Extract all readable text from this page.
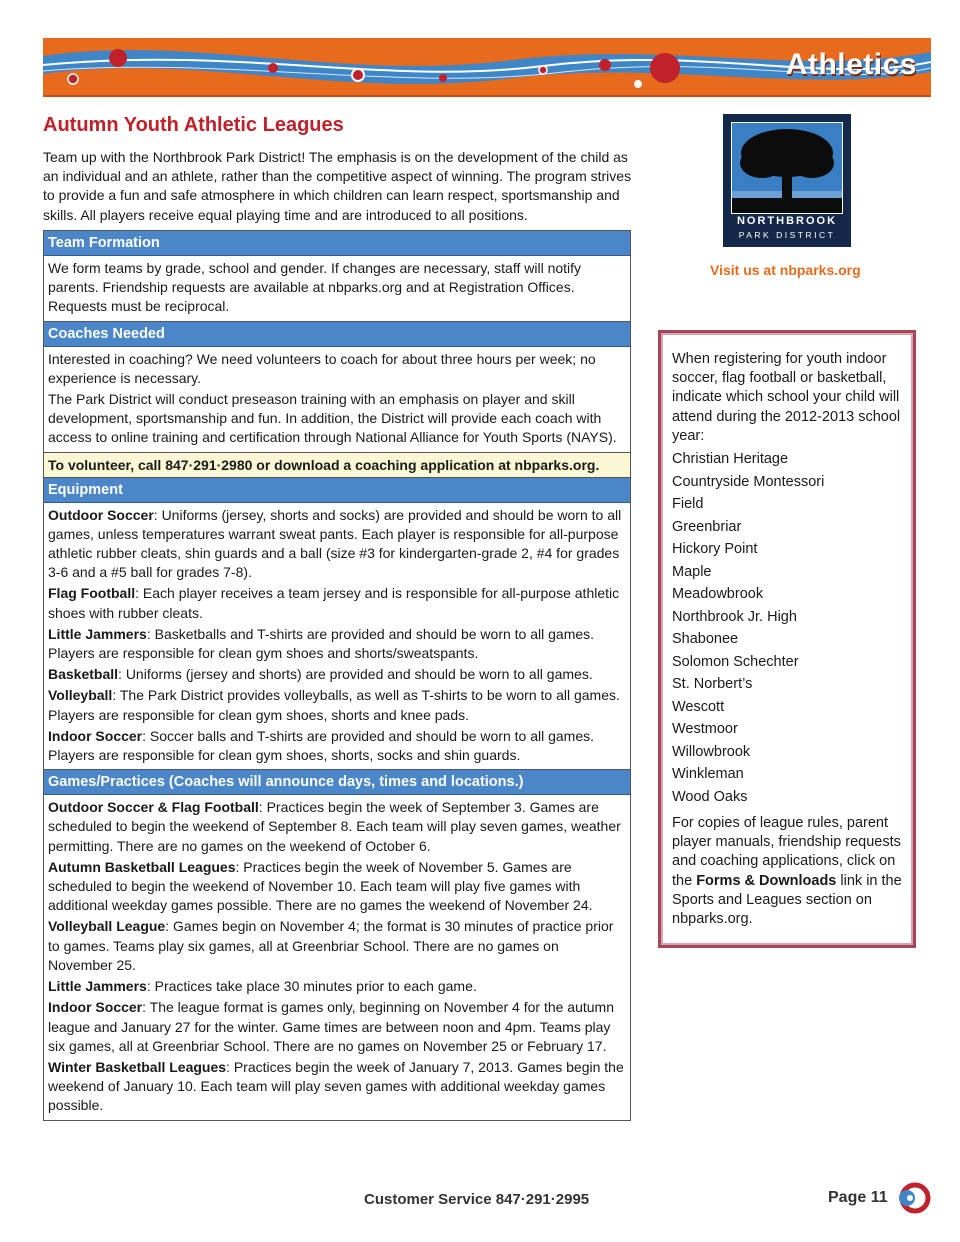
Athletics
Autumn Youth Athletic Leagues
Team up with the Northbrook Park District! The emphasis is on the development of the child as an individual and an athlete, rather than the competitive aspect of winning. The program strives to provide a fun and safe atmosphere in which children can learn respect, sportsmanship and skills. All players receive equal playing time and are introduced to all positions.
Team Formation

We form teams by grade, school and gender. If changes are necessary, staff will notify parents. Friendship requests are available at nbparks.org and at Registration Offices. Requests must be reciprocal.

Coaches Needed

Interested in coaching? We need volunteers to coach for about three hours per week; no experience is necessary.

The Park District will conduct preseason training with an emphasis on player and skill development, sportsmanship and fun. In addition, the District will provide each coach with access to online training and certification through National Alliance for Youth Sports (NAYS).

To volunteer, call 847·291·2980 or download a coaching application at nbparks.org.
Equipment

Outdoor Soccer: Uniforms (jersey, shorts and socks) are provided and should be worn to all games, unless temperatures warrant sweat pants. Each player is responsible for all-purpose athletic rubber cleats, shin guards and a ball (size #3 for kindergarten-grade 2, #4 for grades 3-6 and a #5 ball for grades 7-8).

Flag Football: Each player receives a team jersey and is responsible for all-purpose athletic shoes with rubber cleats.

Little Jammers: Basketballs and T-shirts are provided and should be worn to all games. Players are responsible for clean gym shoes and shorts/sweatspants.

Basketball: Uniforms (jersey and shorts) are provided and should be worn to all games.

Volleyball: The Park District provides volleyballs, as well as T-shirts to be worn to all games. Players are responsible for clean gym shoes, shorts and knee pads.

Indoor Soccer: Soccer balls and T-shirts are provided and should be worn to all games. Players are responsible for clean gym shoes, shorts, socks and shin guards.

Games/Practices (Coaches will announce days, times and locations.)

Outdoor Soccer & Flag Football: Practices begin the week of September 3. Games are scheduled to begin the weekend of September 8. Each team will play seven games, weather permitting. There are no games on the weekend of October 6.

Autumn Basketball Leagues: Practices begin the week of November 5. Games are scheduled to begin the weekend of November 10. Each team will play five games with additional weekday games possible. There are no games the weekend of November 24.

Volleyball League: Games begin on November 4; the format is 30 minutes of practice prior to games. Teams play six games, all at Greenbriar School. There are no games on November 25.

Little Jammers: Practices take place 30 minutes prior to each game.

Indoor Soccer: The league format is games only, beginning on November 4 for the autumn league and January 27 for the winter. Game times are between noon and 4pm. Teams play six games, all at Greenbriar School. There are no games on November 25 or February 17.

Winter Basketball Leagues: Practices begin the week of January 7, 2013. Games begin the weekend of January 10. Each team will play seven games with additional weekday games possible.

NORTHBROOK
PARK DISTRICT
Visit us at nbparks.org
When registering for youth indoor soccer, flag football or basketball, indicate which school your child will attend during the 2012-2013 school year:
Christian Heritage
Countryside Montessori
Field
Greenbriar
Hickory Point
Maple
Meadowbrook
Northbrook Jr. High
Shabonee
Solomon Schechter
St. Norbert’s
Wescott
Westmoor
Willowbrook
Winkleman
Wood Oaks
For copies of league rules, parent player manuals, friendship requests and coaching applications, click on the Forms & Downloads link in the Sports and Leagues section on nbparks.org.
Customer Service 847·291·2995	Page 11
